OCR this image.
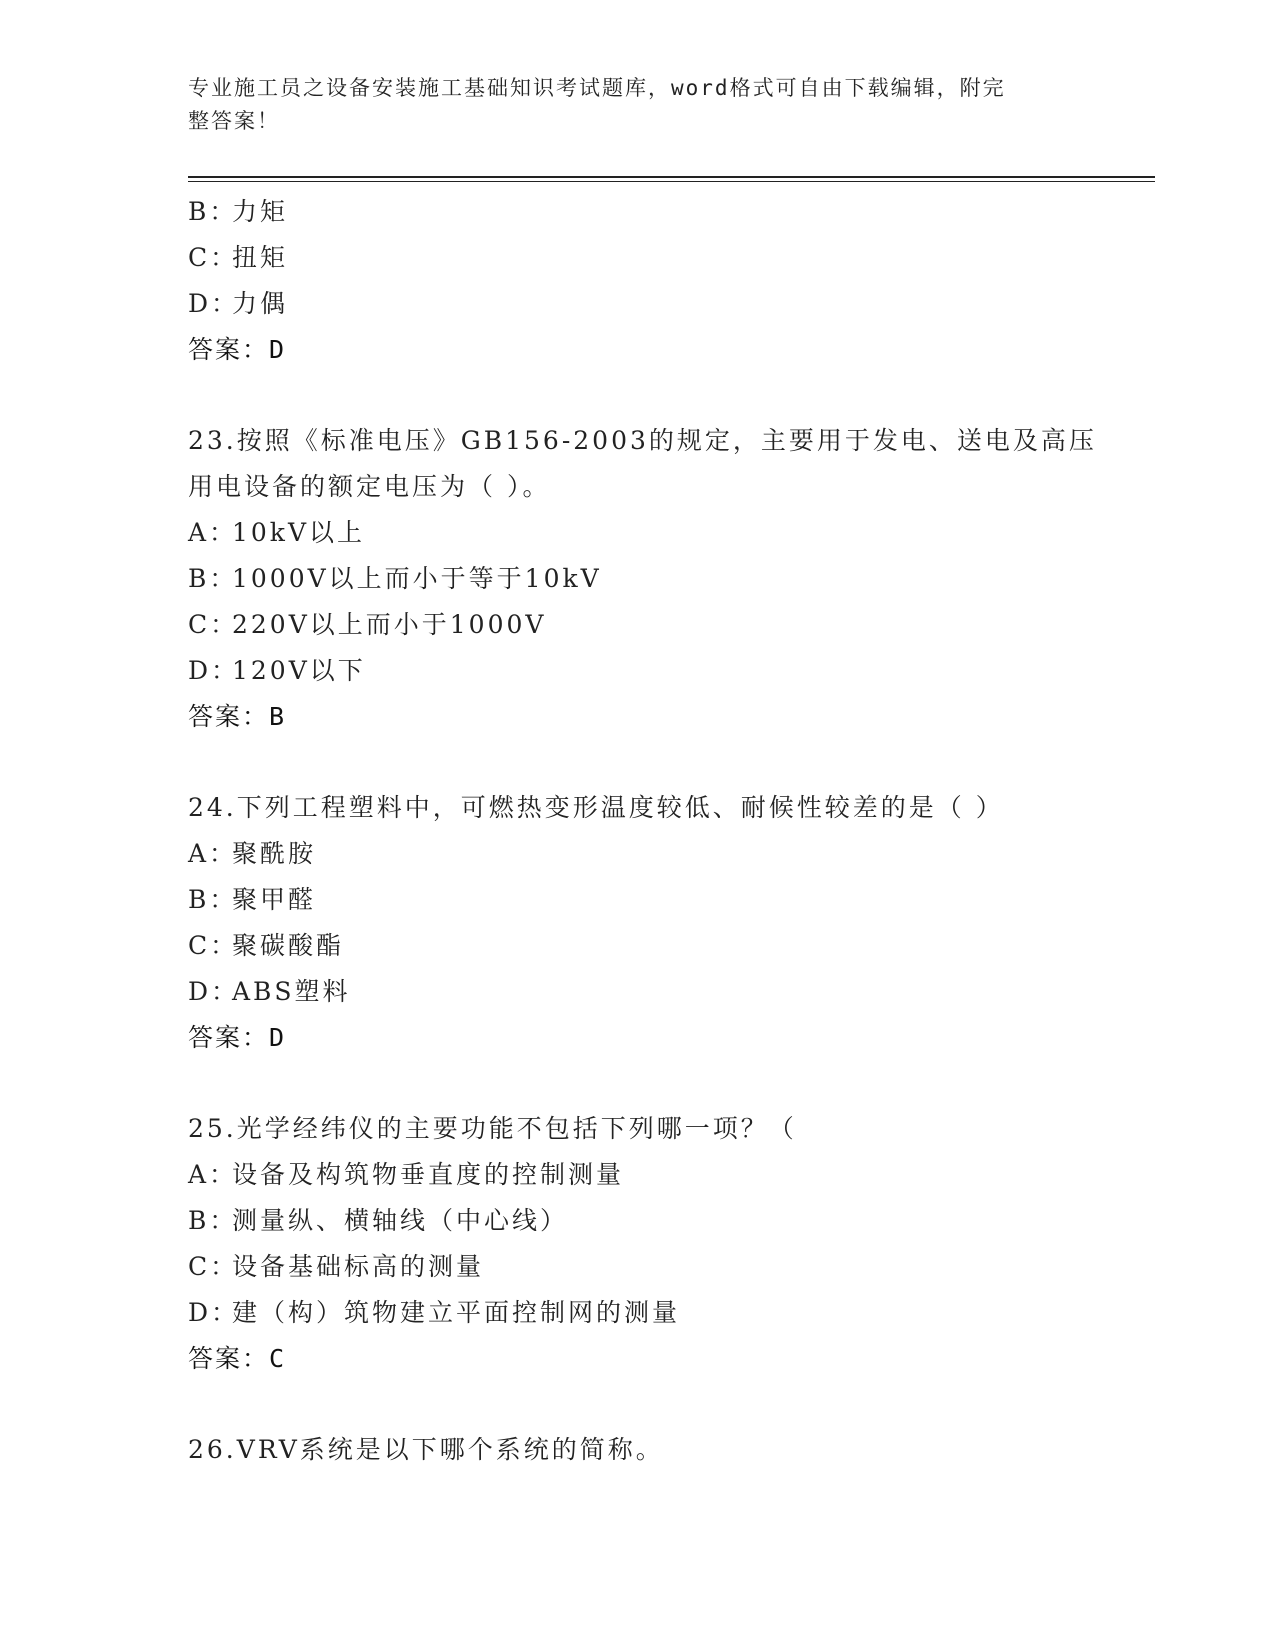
专业施工员之设备安装施工基础知识考试题库，word格式可自由下载编辑，附完
整答案！
B：力矩
C：扭矩
D：力偶
答案：D
23.按照《标准电压》GB156-2003的规定，主要用于发电、送电及高压
用电设备的额定电压为（ ）。
A：10kV以上
B：1000V以上而小于等于10kV
C：220V以上而小于1000V
D：120V以下
答案：B
24.下列工程塑料中，可燃热变形温度较低、耐候性较差的是（ ）
A：聚酰胺
B：聚甲醛
C：聚碳酸酯
D：ABS塑料
答案：D
25.光学经纬仪的主要功能不包括下列哪一项？（
A：设备及构筑物垂直度的控制测量
B：测量纵、横轴线（中心线）
C：设备基础标高的测量
D：建（构）筑物建立平面控制网的测量
答案：C
26.VRV系统是以下哪个系统的简称。
